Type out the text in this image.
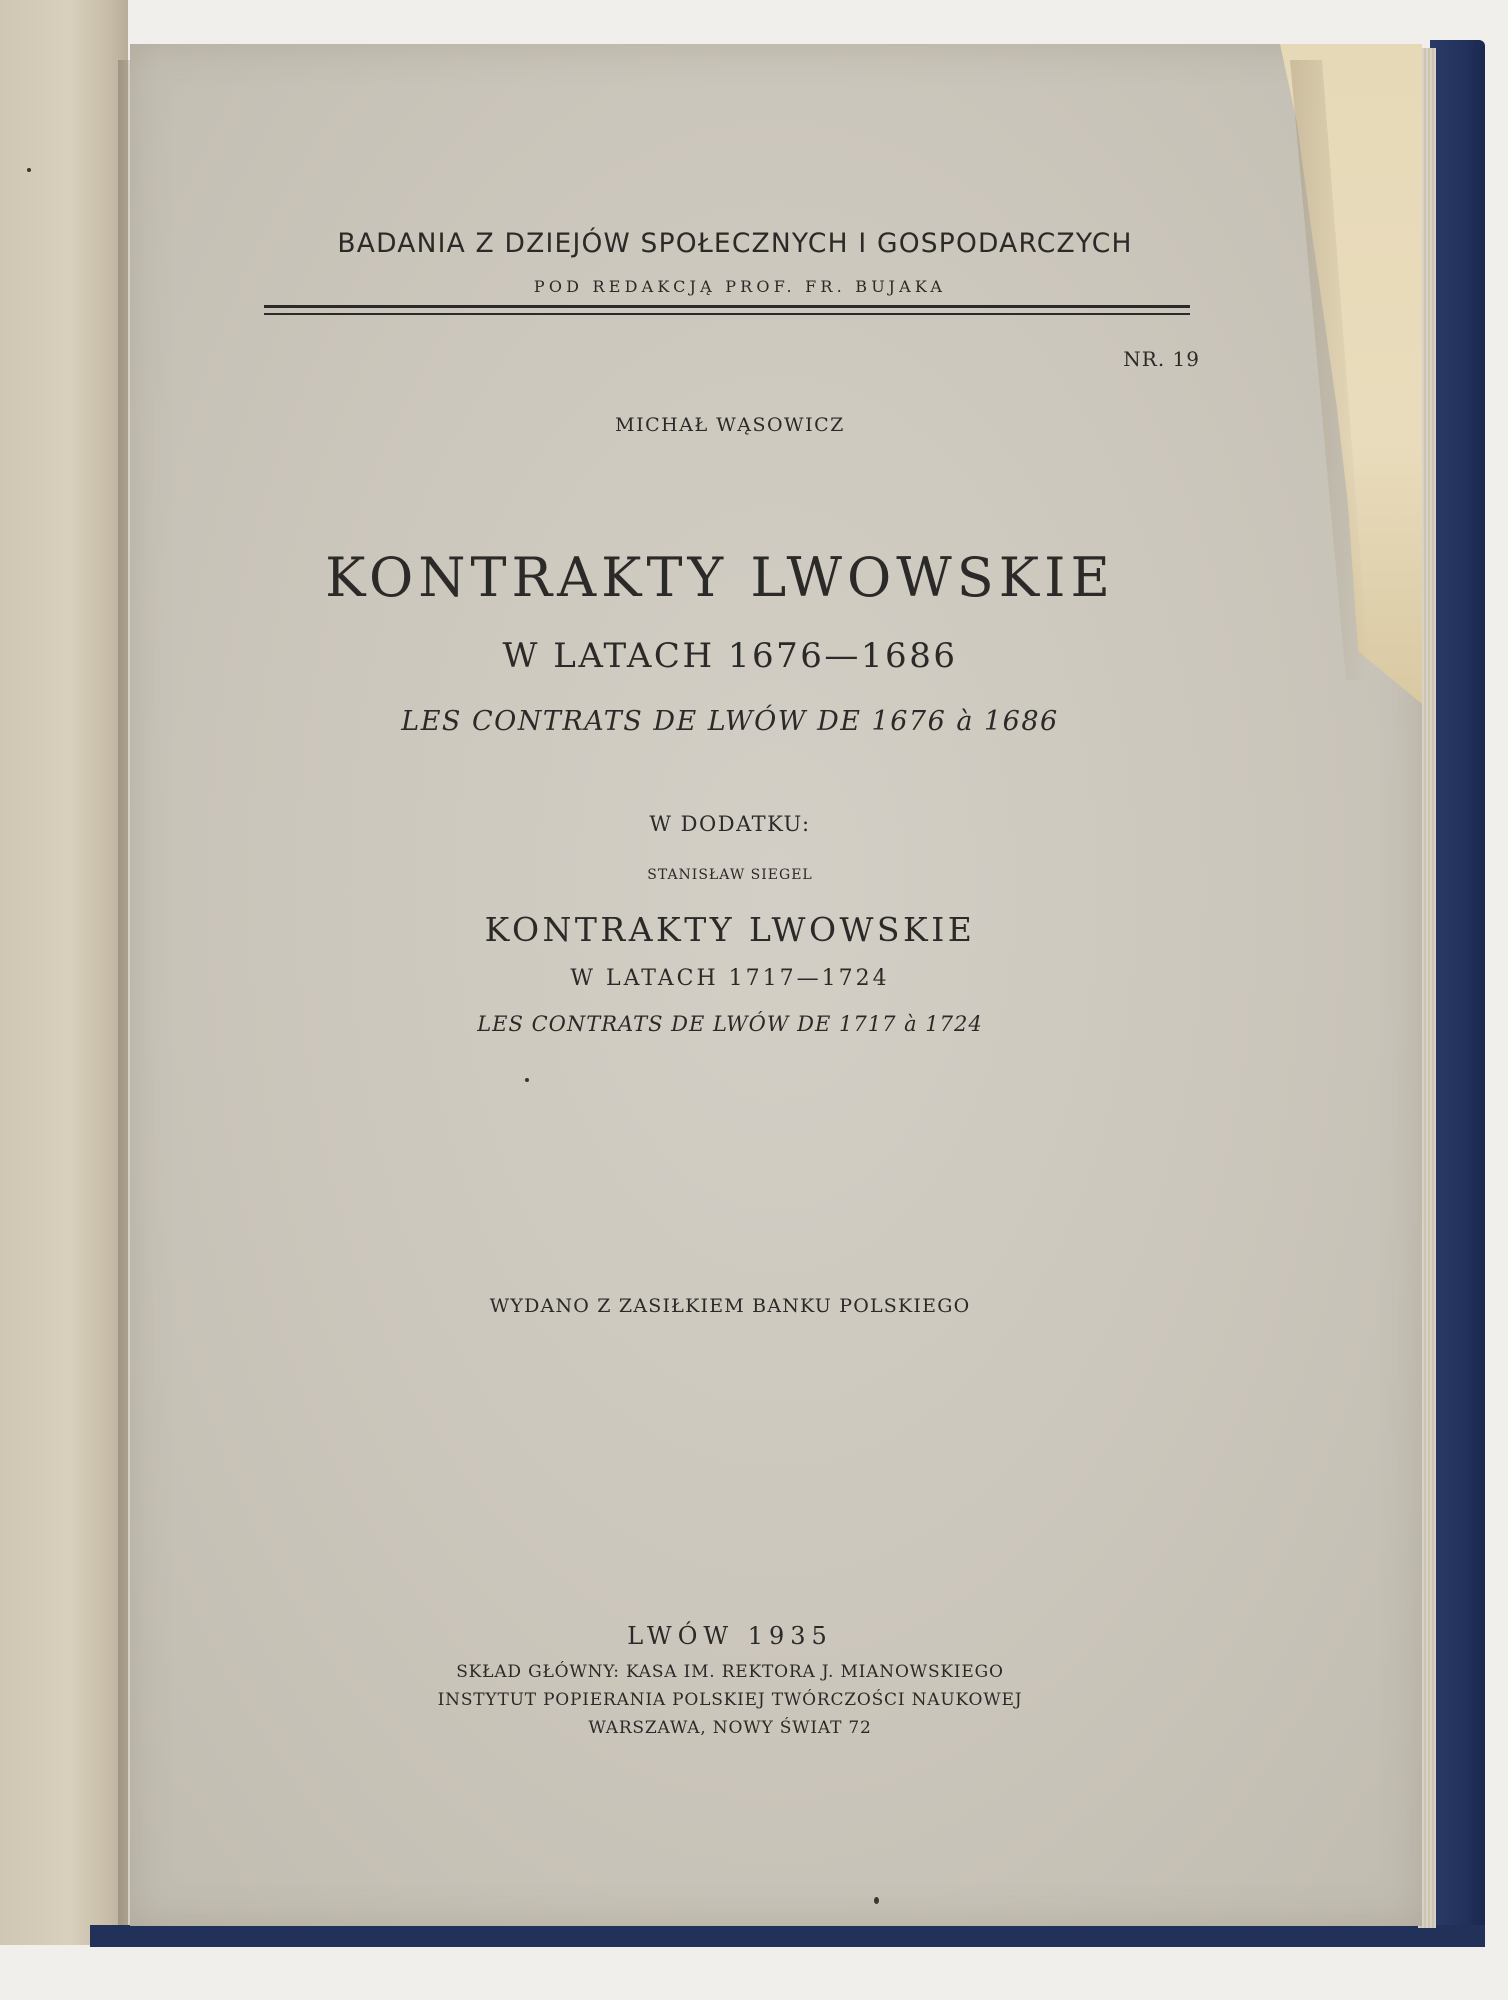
BADANIA Z DZIEJÓW SPOŁECZNYCH I GOSPODARCZYCH
POD REDAKCJĄ PROF. FR. BUJAKA
NR. 19
MICHAŁ WĄSOWICZ
KONTRAKTY LWOWSKIE
W LATACH 1676—1686
LES CONTRATS DE LWÓW DE 1676 à 1686
W DODATKU:
STANISŁAW SIEGEL
KONTRAKTY LWOWSKIE
W LATACH 1717—1724
LES CONTRATS DE LWÓW DE 1717 à 1724
WYDANO Z ZASIŁKIEM BANKU POLSKIEGO
LWÓW 1935
SKŁAD GŁÓWNY: KASA IM. REKTORA J. MIANOWSKIEGO
INSTYTUT POPIERANIA POLSKIEJ TWÓRCZOŚCI NAUKOWEJ
WARSZAWA, NOWY ŚWIAT 72
